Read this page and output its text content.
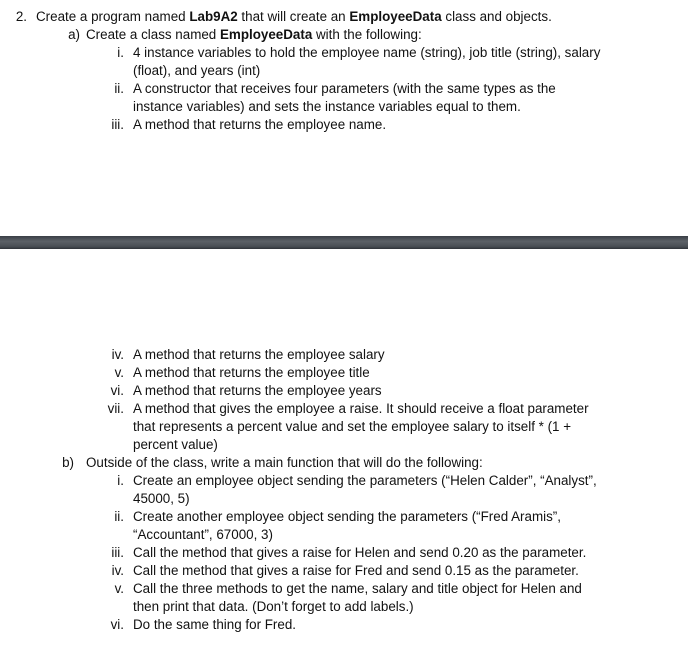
2. Create a program named Lab9A2 that will create an EmployeeData class and objects.
a) Create a class named EmployeeData with the following:
i. 4 instance variables to hold the employee name (string), job title (string), salary
(float), and years (int)
ii. A constructor that receives four parameters (with the same types as the
instance variables) and sets the instance variables equal to them.
iii. A method that returns the employee name.
iv. A method that returns the employee salary
v. A method that returns the employee title
vi. A method that returns the employee years
vii. A method that gives the employee a raise. It should receive a float parameter
that represents a percent value and set the employee salary to itself * (1 +
percent value)
b) Outside of the class, write a main function that will do the following:
i. Create an employee object sending the parameters (“Helen Calder”, “Analyst”,
45000, 5)
ii. Create another employee object sending the parameters (“Fred Aramis”,
“Accountant”, 67000, 3)
iii. Call the method that gives a raise for Helen and send 0.20 as the parameter.
iv. Call the method that gives a raise for Fred and send 0.15 as the parameter.
v. Call the three methods to get the name, salary and title object for Helen and
then print that data. (Don’t forget to add labels.)
vi. Do the same thing for Fred.
